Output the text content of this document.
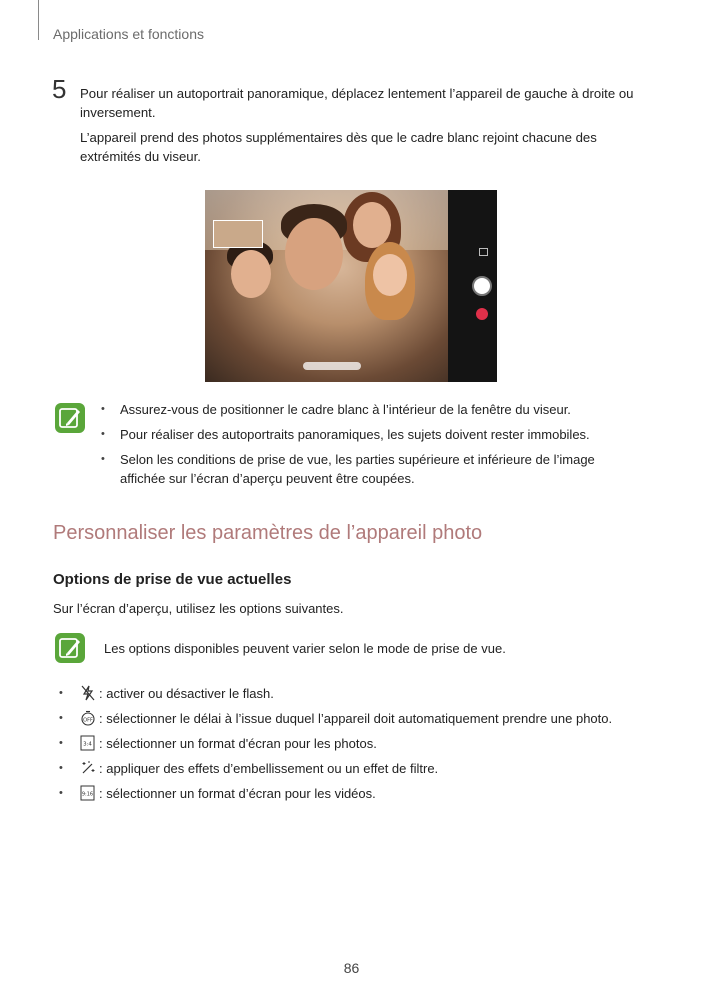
Applications et fonctions
5 Pour réaliser un autoportrait panoramique, déplacez lentement l’appareil de gauche à droite ou inversement.

L’appareil prend des photos supplémentaires dès que le cadre blanc rejoint chacune des extrémités du viseur.

• Assurez-vous de positionner le cadre blanc à l’intérieur de la fenêtre du viseur.
• Pour réaliser des autoportraits panoramiques, les sujets doivent rester immobiles.
• Selon les conditions de prise de vue, les parties supérieure et inférieure de l’image affichée sur l’écran d’aperçu peuvent être coupées.
Personnaliser les paramètres de l’appareil photo
Options de prise de vue actuelles
Sur l’écran d’aperçu, utilisez les options suivantes.
Les options disponibles peuvent varier selon le mode de prise de vue.
•	: activer ou désactiver le flash.
•	OFF : sélectionner le délai à l’issue duquel l’appareil doit automatiquement prendre une photo.
•	3:4 : sélectionner un format d'écran pour les photos.
•	: appliquer des effets d’embellissement ou un effet de filtre.
•	9:16 : sélectionner un format d’écran pour les vidéos.
86
